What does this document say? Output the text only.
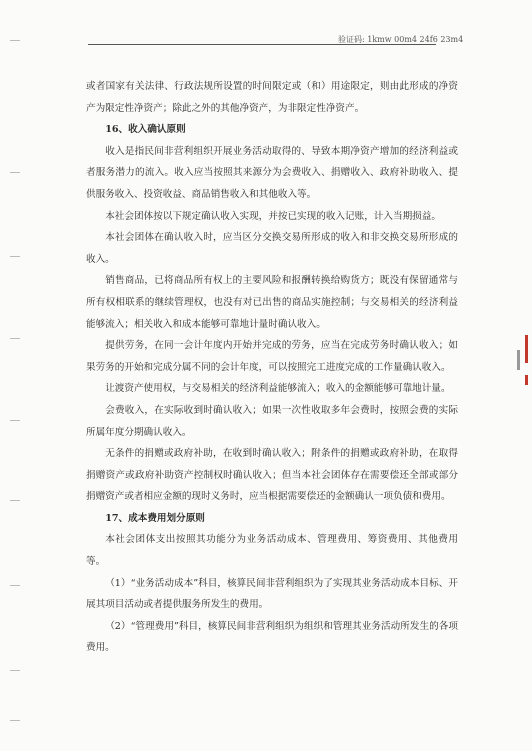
验证码: 1kmw 00m4 24f6 23m4

或者国家有关法律、行政法规所设置的时间限定或（和）用途限定，则由此形成的净资产为限定性净资产；除此之外的其他净资产，为非限定性净资产。

16、收入确认原则

收入是指民间非营利组织开展业务活动取得的、导致本期净资产增加的经济利益或者服务潜力的流入。收入应当按照其来源分为会费收入、捐赠收入、政府补助收入、提供服务收入、投资收益、商品销售收入和其他收入等。

本社会团体按以下规定确认收入实现，并按已实现的收入记账，计入当期损益。

本社会团体在确认收入时，应当区分交换交易所形成的收入和非交换交易所形成的收入。

销售商品，已将商品所有权上的主要风险和报酬转换给购货方；既没有保留通常与所有权相联系的继续管理权，也没有对已出售的商品实施控制；与交易相关的经济利益能够流入；相关收入和成本能够可靠地计量时确认收入。

提供劳务，在同一会计年度内开始并完成的劳务，应当在完成劳务时确认收入；如果劳务的开始和完成分属不同的会计年度，可以按照完工进度完成的工作量确认收入。

让渡资产使用权，与交易相关的经济利益能够流入；收入的金额能够可靠地计量。

会费收入，在实际收到时确认收入；如果一次性收取多年会费时，按照会费的实际所属年度分期确认收入。

无条件的捐赠或政府补助，在收到时确认收入；附条件的捐赠或政府补助，在取得捐赠资产或政府补助资产控制权时确认收入；但当本社会团体存在需要偿还全部或部分捐赠资产或者相应金额的现时义务时，应当根据需要偿还的金额确认一项负债和费用。

17、成本费用划分原则

本社会团体支出按照其功能分为业务活动成本、管理费用、筹资费用、其他费用等。

（1）“业务活动成本”科目，核算民间非营利组织为了实现其业务活动成本目标、开展其项目活动或者提供服务所发生的费用。

（2）“管理费用”科目，核算民间非营利组织为组织和管理其业务活动所发生的各项费用。
